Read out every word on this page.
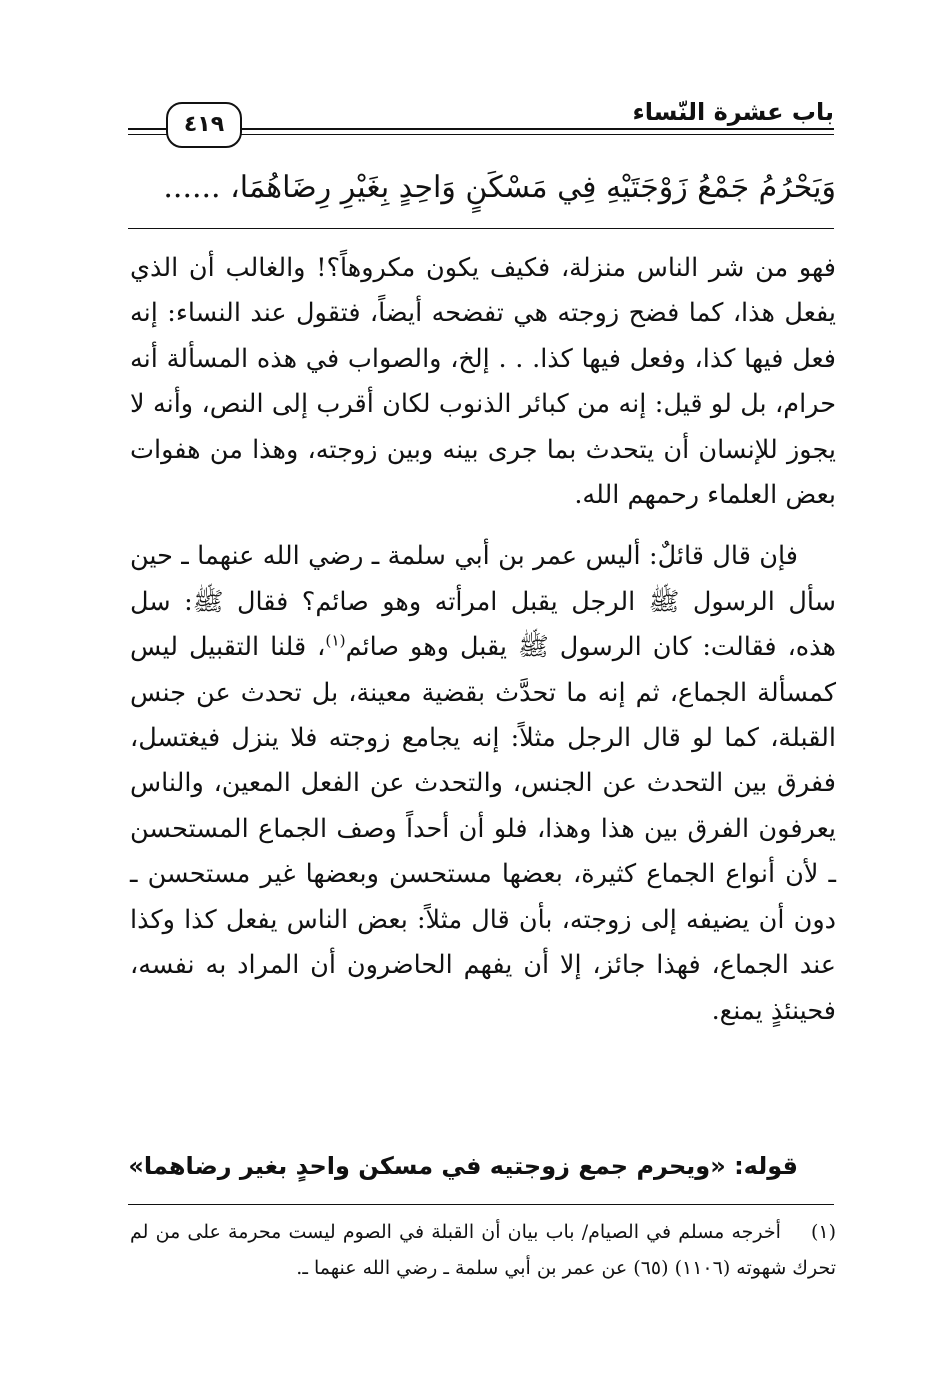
باب عشرة النّساء
٤١٩
وَيَحْرُمُ جَمْعُ زَوْجَتَيْهِ فِي مَسْكَنٍ وَاحِدٍ بِغَيْرِ رِضَاهُمَا، ......

فهو من شر الناس منزلة، فكيف يكون مكروهاً؟! والغالب أن الذي يفعل هذا، كما فضح زوجته هي تفضحه أيضاً، فتقول عند النساء: إنه فعل فيها كذا، وفعل فيها كذا. . . إلخ، والصواب في هذه المسألة أنه حرام، بل لو قيل: إنه من كبائر الذنوب لكان أقرب إلى النص، وأنه لا يجوز للإنسان أن يتحدث بما جرى بينه وبين زوجته، وهذا من هفوات بعض العلماء رحمهم الله.

فإن قال قائلٌ: أليس عمر بن أبي سلمة ـ رضي الله عنهما ـ حين سأل الرسول ﷺ الرجل يقبل امرأته وهو صائم؟ فقال ﷺ: سل هذه، فقالت: كان الرسول ﷺ يقبل وهو صائم$^{(١)}$، قلنا التقبيل ليس كمسألة الجماع، ثم إنه ما تحدَّث بقضية معينة، بل تحدث عن جنس القبلة، كما لو قال الرجل مثلاً: إنه يجامع زوجته فلا ينزل فيغتسل، ففرق بين التحدث عن الجنس، والتحدث عن الفعل المعين، والناس يعرفون الفرق بين هذا وهذا، فلو أن أحداً وصف الجماع المستحسن ـ لأن أنواع الجماع كثيرة، بعضها مستحسن وبعضها غير مستحسن ـ دون أن يضيفه إلى زوجته، بأن قال مثلاً: بعض الناس يفعل كذا وكذا عند الجماع، فهذا جائز، إلا أن يفهم الحاضرون أن المراد به نفسه، فحينئذٍ يمنع.

قوله: «ويحرم جمع زوجتيه في مسكن واحدٍ بغير رضاهما»
(١)أخرجه مسلم في الصيام/ باب بيان أن القبلة في الصوم ليست محرمة على من لم تحرك شهوته (١١٠٦) (٦٥) عن عمر بن أبي سلمة ـ رضي الله عنهما ـ.
